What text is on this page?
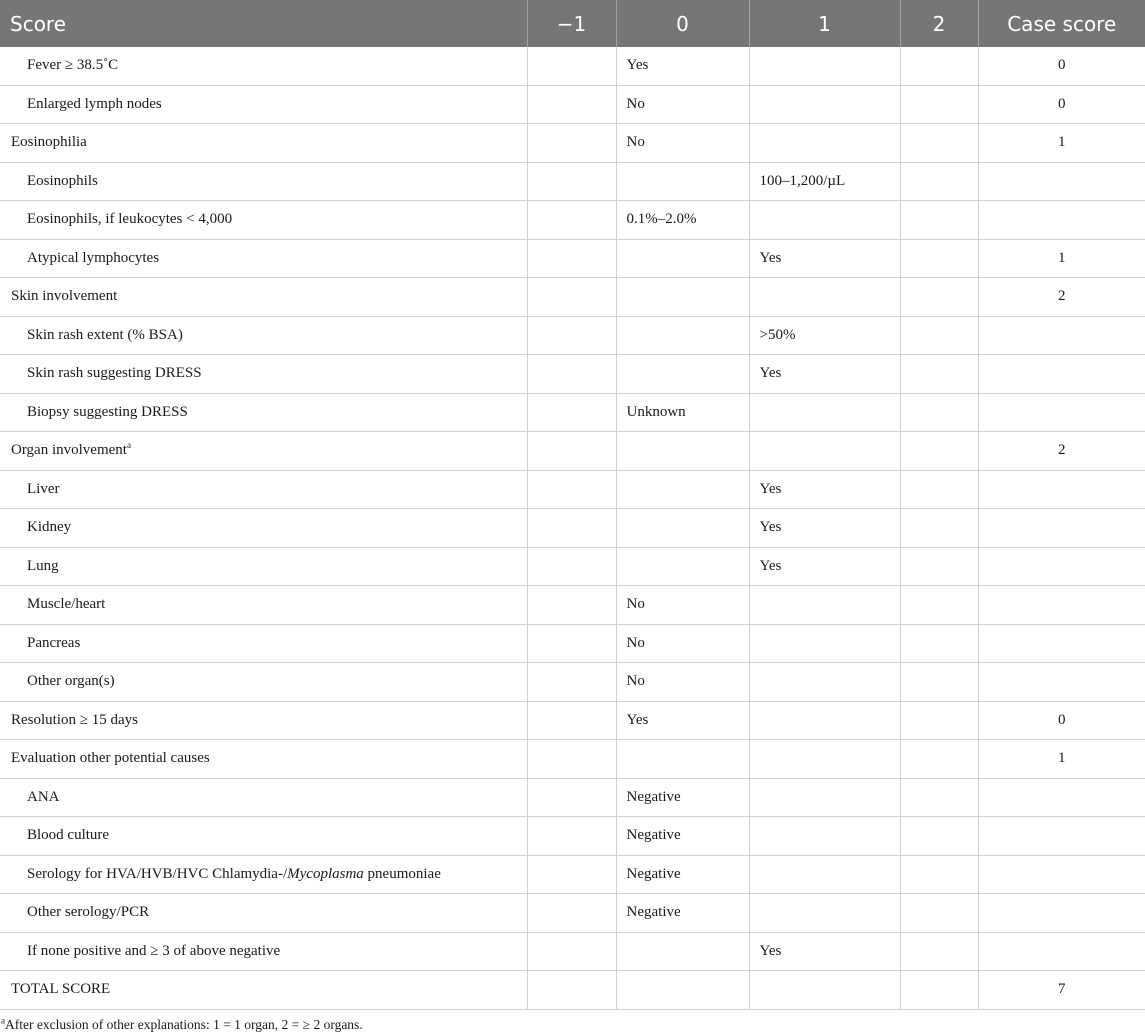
Score	−1	0	1	2	Case score
Fever ≥ 38.5˚C		Yes			0
Enlarged lymph nodes		No			0
Eosinophilia		No			1
Eosinophils			100–1,200/µL		
Eosinophils, if leukocytes < 4,000		0.1%–2.0%			
Atypical lymphocytes			Yes		1
Skin involvement					2
Skin rash extent (% BSA)			>50%		
Skin rash suggesting DRESS			Yes		
Biopsy suggesting DRESS		Unknown			
Organ involvement$^a$					2
Liver			Yes		
Kidney			Yes		
Lung			Yes		
Muscle/heart		No			
Pancreas		No			
Other organ(s)		No			
Resolution ≥ 15 days		Yes			0
Evaluation other potential causes					1
ANA		Negative			
Blood culture		Negative			
Serology for HVA/HVB/HVC Chlamydia-/Mycoplasma pneumoniae		Negative			
Other serology/PCR		Negative			
If none positive and ≥ 3 of above negative			Yes		
TOTAL SCORE					7
$^a$After exclusion of other explanations: 1 = 1 organ, 2 = ≥ 2 organs.
